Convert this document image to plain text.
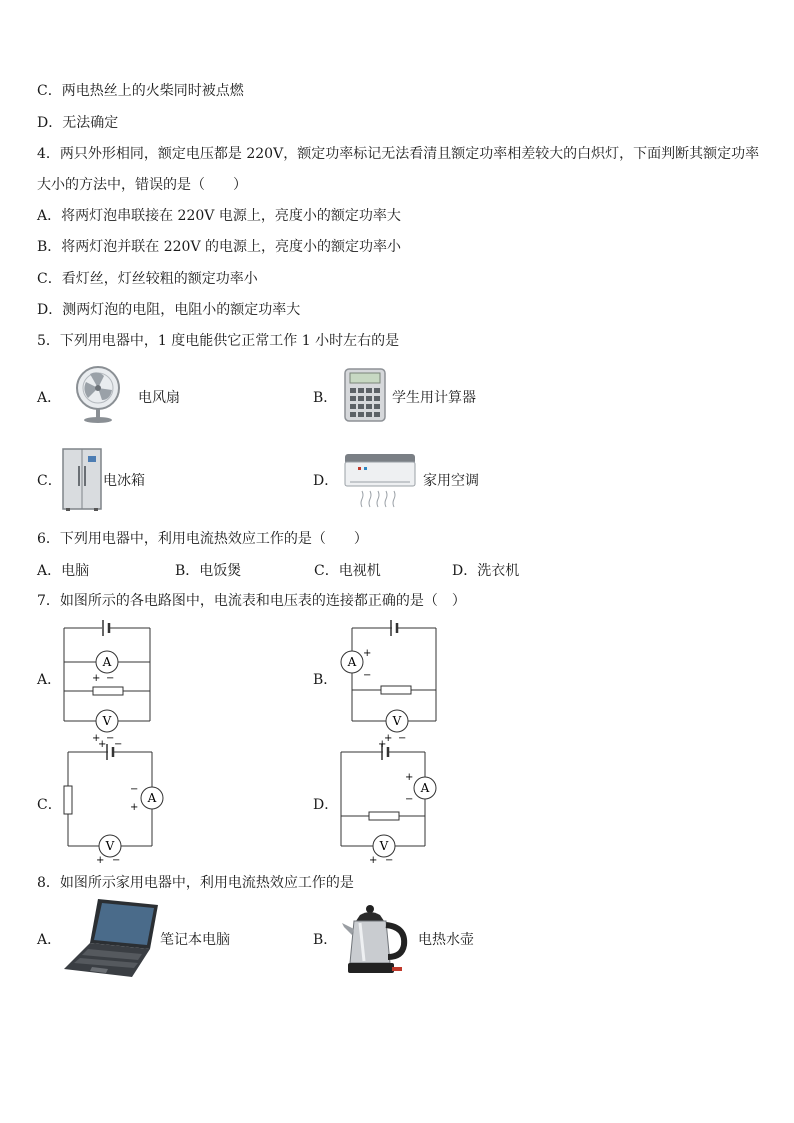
C．两电热丝上的火柴同时被点燃
D．无法确定
4．两只外形相同，额定电压都是 220V，额定功率标记无法看清且额定功率相差较大的白炽灯，下面判断其额定功率
大小的方法中，错误的是（　　）
A．将两灯泡串联接在 220V 电源上，亮度小的额定功率大
B．将两灯泡并联在 220V 的电源上，亮度小的额定功率小
C．看灯丝，灯丝较粗的额定功率小
D．测两灯泡的电阻，电阻小的额定功率大
5．下列用电器中，1 度电能供它正常工作 1 小时左右的是
A．	电风扇	B．	学生用计算器
C．	电冰箱	D．	家用空调
6．下列用电器中，利用电流热效应工作的是（　　）
A．电脑	B．电饭煲	C．电视机	D．洗衣机
7．如图所示的各电路图中，电流表和电压表的连接都正确的是（　）
A．
A
V
+ −
+ −
B．
A
V
+
−
+ −
C．	A
V
+ −
−
+
+ −
D．
A
V
+
+
−
+ −
8．如图所示家用电器中，利用电流热效应工作的是
A．	笔记本电脑	B．	电热水壶
